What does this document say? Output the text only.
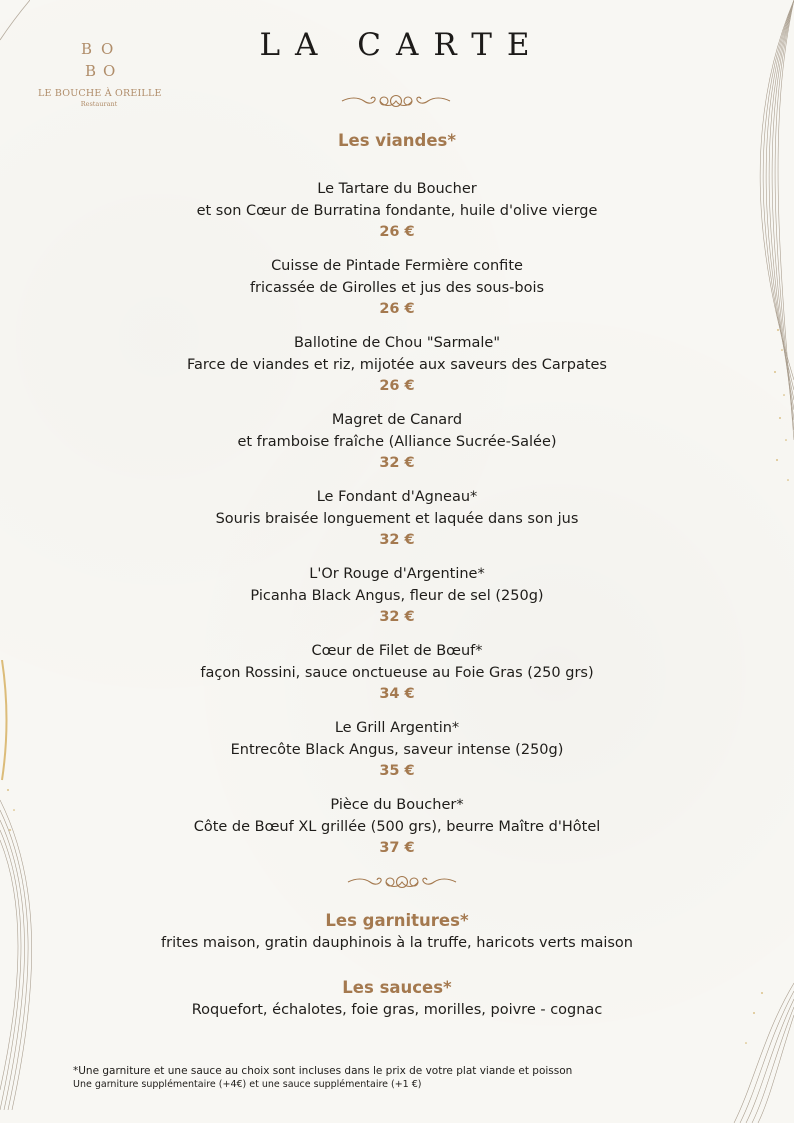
B O
B O
LE BOUCHE À OREILLE
Restaurant
LA CARTE
Les viandes*
Le Tartare du Boucher
et son Cœur de Burratina fondante, huile d'olive vierge
26 €
Cuisse de Pintade Fermière confite
fricassée de Girolles et jus des sous-bois
26 €
Ballotine de Chou "Sarmale"
Farce de viandes et riz, mijotée aux saveurs des Carpates
26 €
Magret de Canard
et framboise fraîche (Alliance Sucrée-Salée)
32 €
Le Fondant d'Agneau*
Souris braisée longuement et laquée dans son jus
32 €
L'Or Rouge d'Argentine*
Picanha Black Angus, fleur de sel (250g)
32 €
Cœur de Filet de Bœuf*
façon Rossini, sauce onctueuse au Foie Gras (250 grs)
34 €
Le Grill Argentin*
Entrecôte Black Angus, saveur intense (250g)
35 €
Pièce du Boucher*
Côte de Bœuf XL grillée (500 grs), beurre Maître d'Hôtel
37 €
Les garnitures*
frites maison, gratin dauphinois à la truffe, haricots verts maison
Les sauces*
Roquefort, échalotes, foie gras, morilles, poivre - cognac
*Une garniture et une sauce au choix sont incluses dans le prix de votre plat viande et poisson
Une garniture supplémentaire (+4€) et une sauce supplémentaire (+1 €)
